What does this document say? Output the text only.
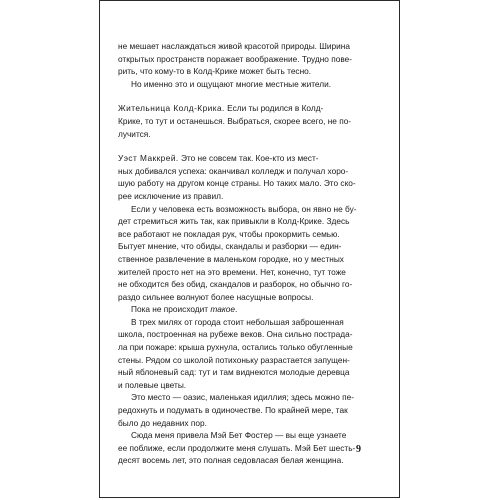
не мешает наслаждаться живой красотой природы. Ширина
открытых пространств поражает воображение. Трудно пове-
рить, что кому-то в Колд-Крике может быть тесно.
Но именно это и ощущают многие местные жители.

Жительница Колд-Крика. Если ты родился в Колд-
Крике, то тут и останешься. Выбраться, скорее всего, не по-
лучится.

Уэст Маккрей. Это не совсем так. Кое-кто из мест-
ных добивался успеха: оканчивал колледж и получал хоро-
шую работу на другом конце страны. Но таких мало. Это ско-
рее исключение из правил.

Если у человека есть возможность выбора, он явно не бу-
дет стремиться жить так, как привыкли в Колд-Крике. Здесь
все работают не покладая рук, чтобы прокормить семью.
Бытует мнение, что обиды, скандалы и разборки — един-
ственное развлечение в маленьком городке, но у местных
жителей просто нет на это времени. Нет, конечно, тут тоже
не обходится без обид, скандалов и разборок, но обычно го-
раздо сильнее волнуют более насущные вопросы.

Пока не происходит такое.

В трех милях от города стоит небольшая заброшенная
школа, построенная на рубеже веков. Она сильно пострада-
ла при пожаре: крыша рухнула, остались только обугленные
стены. Рядом со школой потихоньку разрастается запущен-
ный яблоневый сад: тут и там виднеются молодые деревца
и полевые цветы.

Это место — оазис, маленькая идиллия; здесь можно пе-
редохнуть и подумать в одиночестве. По крайней мере, так
было до недавних пор.

Сюда меня привела Мэй Бет Фостер — вы еще узнаете
ее поближе, если продолжите меня слушать. Мэй Бет шесть-
десят восемь лет, это полная седовласая белая женщина.

9
